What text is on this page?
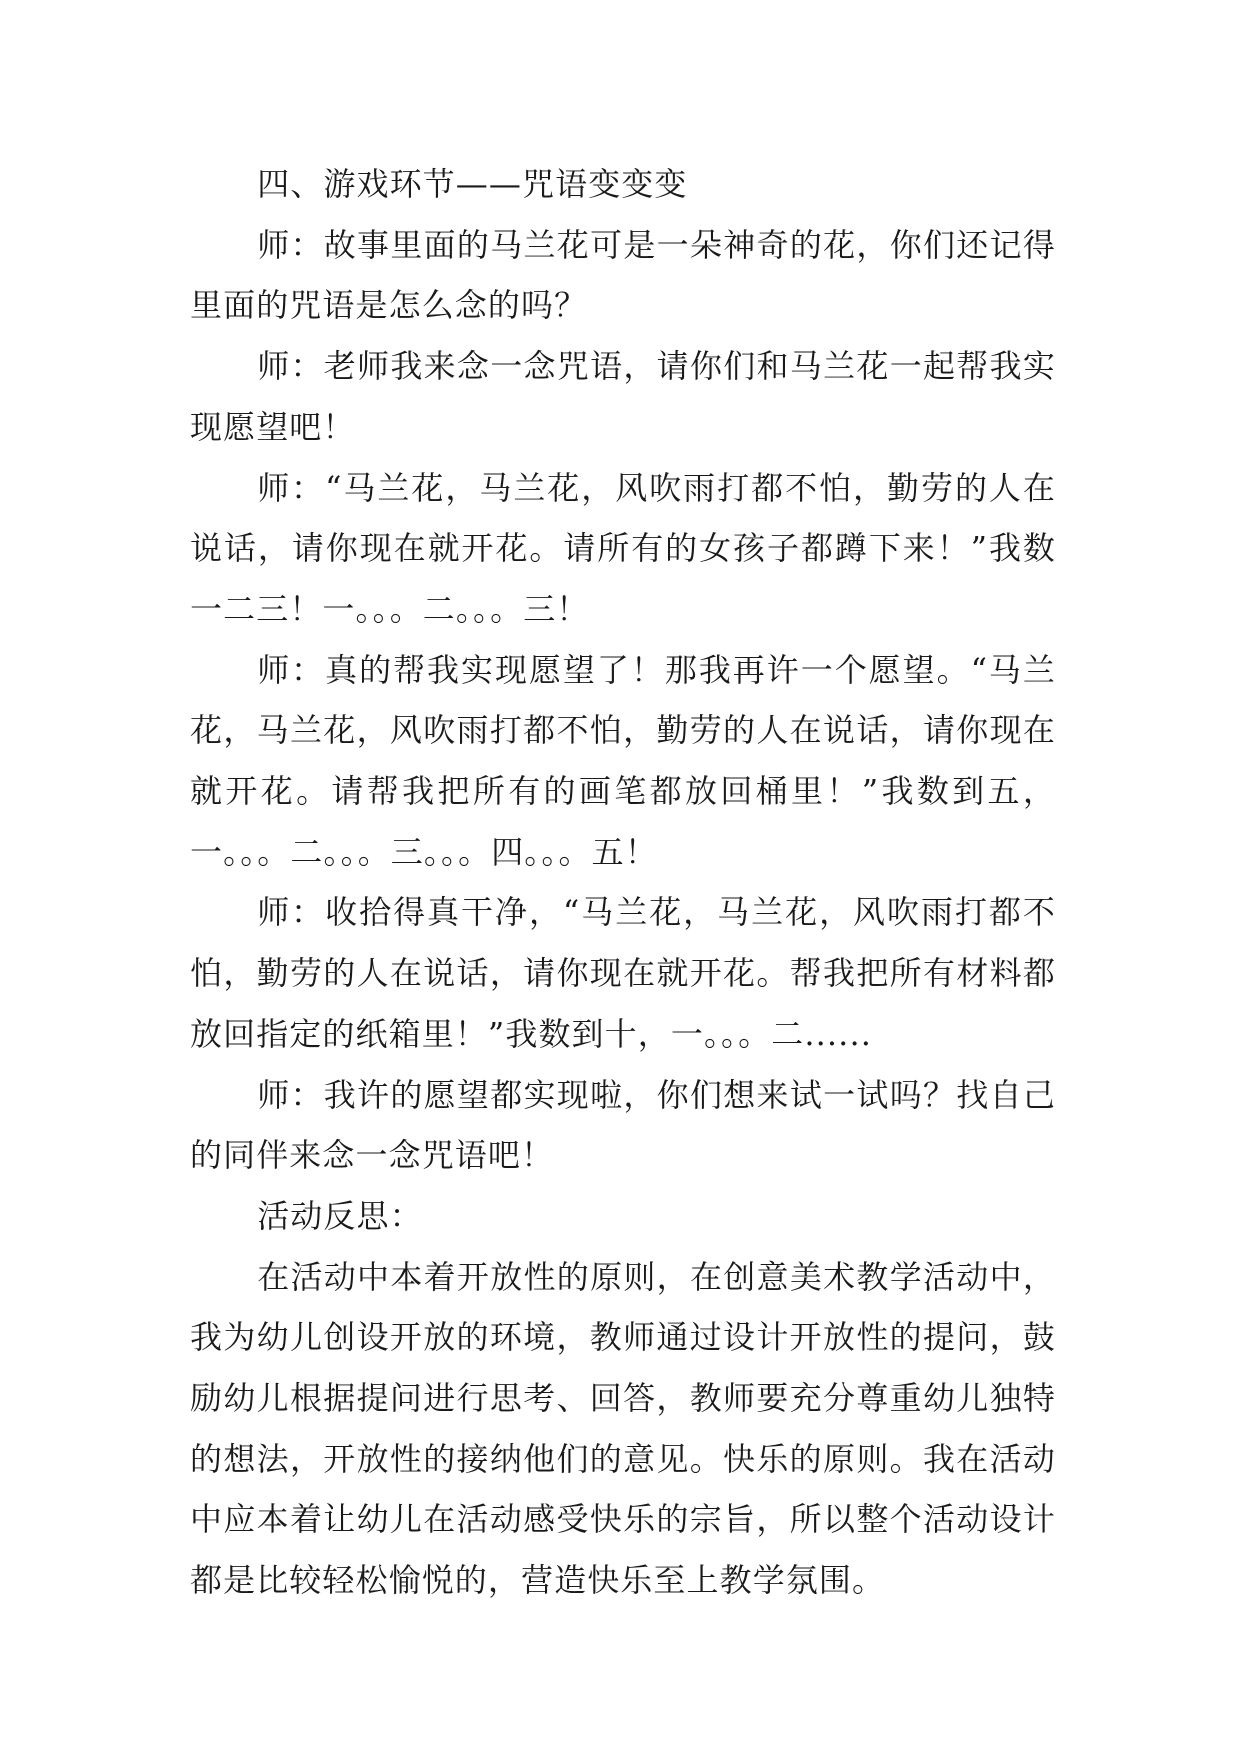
四、游戏环节——咒语变变变

师：故事里面的马兰花可是一朵神奇的花，你们还记得里面的咒语是怎么念的吗？

师：老师我来念一念咒语，请你们和马兰花一起帮我实现愿望吧！

师：“马兰花，马兰花，风吹雨打都不怕，勤劳的人在说话，请你现在就开花。请所有的女孩子都蹲下来！”我数一二三！一。。。二。。。三！

师：真的帮我实现愿望了！那我再许一个愿望。“马兰花，马兰花，风吹雨打都不怕，勤劳的人在说话，请你现在就开花。请帮我把所有的画笔都放回桶里！”我数到五，一。。。二。。。三。。。四。。。五！

师：收拾得真干净，“马兰花，马兰花，风吹雨打都不怕，勤劳的人在说话，请你现在就开花。帮我把所有材料都放回指定的纸箱里！”我数到十，一。。。二......

师：我许的愿望都实现啦，你们想来试一试吗？找自己的同伴来念一念咒语吧！

活动反思：

在活动中本着开放性的原则，在创意美术教学活动中，我为幼儿创设开放的环境，教师通过设计开放性的提问，鼓励幼儿根据提问进行思考、回答，教师要充分尊重幼儿独特的想法，开放性的接纳他们的意见。快乐的原则。我在活动中应本着让幼儿在活动感受快乐的宗旨，所以整个活动设计都是比较轻松愉悦的，营造快乐至上教学氛围。
